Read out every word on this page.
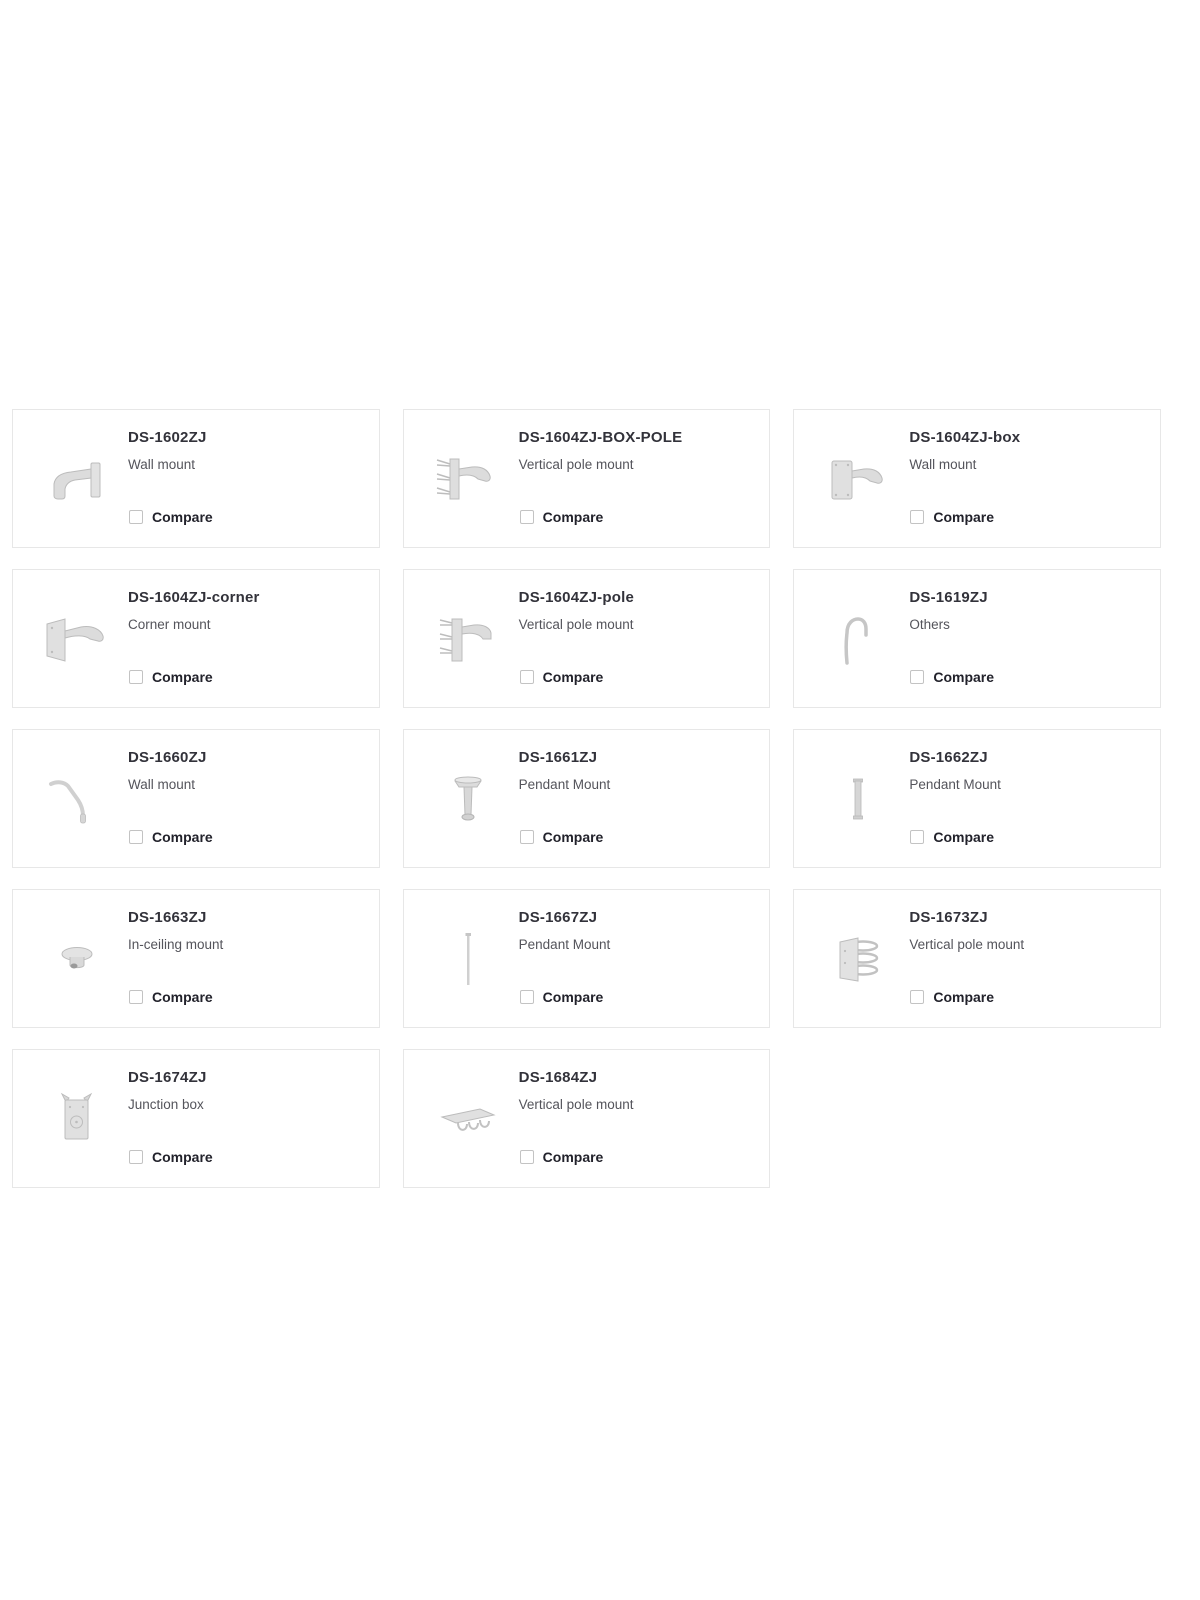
DS-1602ZJ
Wall mount
Compare
DS-1604ZJ-BOX-POLE
Vertical pole mount
Compare
DS-1604ZJ-box
Wall mount
Compare
DS-1604ZJ-corner
Corner mount
Compare
DS-1604ZJ-pole
Vertical pole mount
Compare
DS-1619ZJ
Others
Compare
DS-1660ZJ
Wall mount
Compare
DS-1661ZJ
Pendant Mount
Compare
DS-1662ZJ
Pendant Mount
Compare
DS-1663ZJ
In-ceiling mount
Compare
DS-1667ZJ
Pendant Mount
Compare
DS-1673ZJ
Vertical pole mount
Compare
DS-1674ZJ
Junction box
Compare
DS-1684ZJ
Vertical pole mount
Compare
